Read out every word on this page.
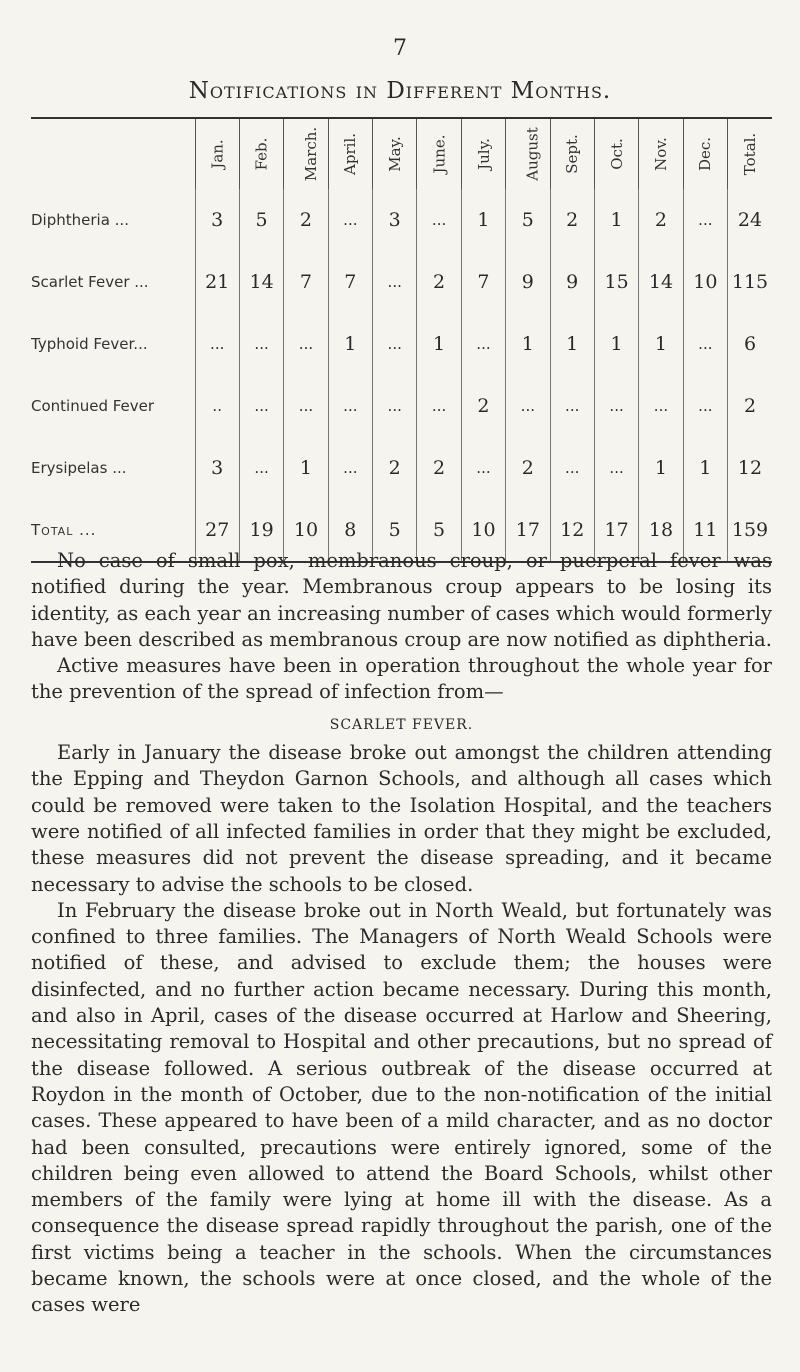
7
Notifications in Different Months.
	Jan.	Feb.	March.	April.	May.	June.	July.	August	Sept.	Oct.	Nov.	Dec.	Total.
Diphtheria ...	3	5	2	...	3	...	1	5	2	1	2	...	24
Scarlet Fever ...	21	14	7	7	...	2	7	9	9	15	14	10	115
Typhoid Fever...	...	...	...	1	...	1	...	1	1	1	1	...	6
Continued Fever	..	...	...	...	...	...	2	...	...	...	...	...	2
Erysipelas ...	3	...	1	...	2	2	...	2	...	...	1	1	12
Total ...	27	19	10	8	5	5	10	17	12	17	18	11	159

No case of small pox, membranous croup, or puerperal fever was notified during the year. Membranous croup appears to be losing its identity, as each year an increasing number of cases which would formerly have been described as membranous croup are now notified as diphtheria.

Active measures have been in operation throughout the whole year for the prevention of the spread of infection from—

SCARLET FEVER.

Early in January the disease broke out amongst the children attending the Epping and Theydon Garnon Schools, and although all cases which could be removed were taken to the Isolation Hospital, and the teachers were notified of all infected families in order that they might be excluded, these measures did not prevent the disease spreading, and it became necessary to advise the schools to be closed.

In February the disease broke out in North Weald, but fortunately was confined to three families. The Managers of North Weald Schools were notified of these, and advised to exclude them; the houses were disinfected, and no further action became necessary. During this month, and also in April, cases of the disease occurred at Harlow and Sheering, necessitating removal to Hospital and other precautions, but no spread of the disease followed. A serious outbreak of the disease occurred at Roydon in the month of October, due to the non-notification of the initial cases. These appeared to have been of a mild character, and as no doctor had been consulted, precautions were entirely ignored, some of the children being even allowed to attend the Board Schools, whilst other members of the family were lying at home ill with the disease. As a consequence the disease spread rapidly throughout the parish, one of the first victims being a teacher in the schools. When the circumstances became known, the schools were at once closed, and the whole of the cases were
